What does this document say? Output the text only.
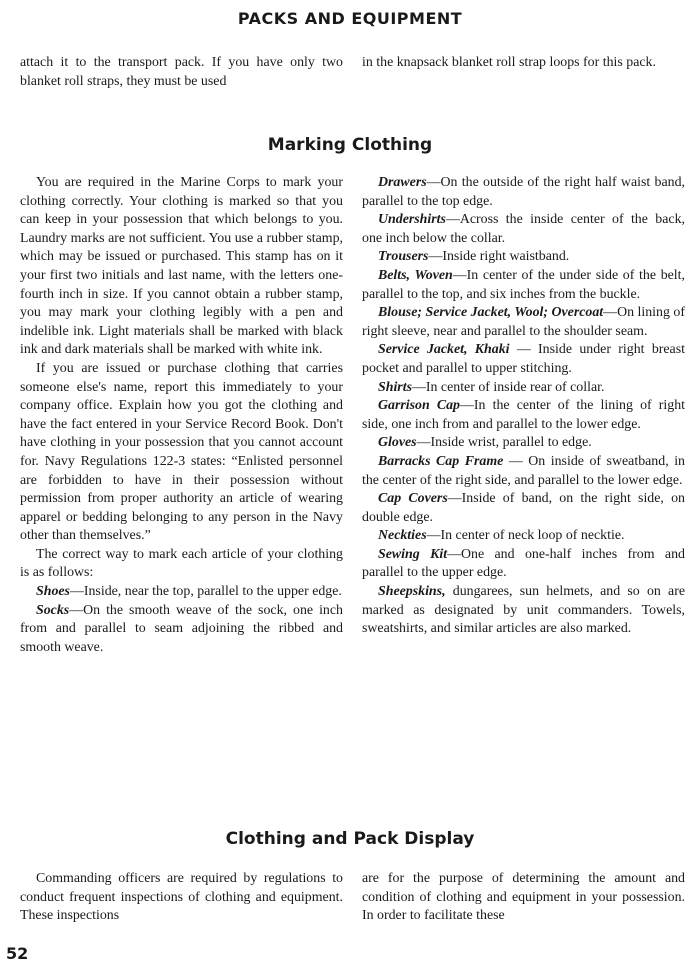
PACKS AND EQUIPMENT

attach it to the transport pack. If you have only two blanket roll straps, they must be used

in the knapsack blanket roll strap loops for this pack.

Marking Clothing

You are required in the Marine Corps to mark your clothing correctly. Your clothing is marked so that you can keep in your possession that which belongs to you. Laundry marks are not sufficient. You use a rubber stamp, which may be issued or purchased. This stamp has on it your first two initials and last name, with the letters one-fourth inch in size. If you cannot obtain a rubber stamp, you may mark your clothing legibly with a pen and indelible ink. Light materials shall be marked with black ink and dark materials shall be marked with white ink.

If you are issued or purchase clothing that carries someone else's name, report this immediately to your company office. Explain how you got the clothing and have the fact entered in your Service Record Book. Don't have clothing in your possession that you cannot account for. Navy Regulations 122-3 states: “Enlisted personnel are forbidden to have in their possession without permission from proper authority an article of wearing apparel or bedding belonging to any person in the Navy other than themselves.”

The correct way to mark each article of your clothing is as follows:

Shoes—Inside, near the top, parallel to the upper edge.

Socks—On the smooth weave of the sock, one inch from and parallel to seam adjoining the ribbed and smooth weave.

Drawers—On the outside of the right half waist band, parallel to the top edge.

Undershirts—Across the inside center of the back, one inch below the collar.

Trousers—Inside right waistband.

Belts, Woven—In center of the under side of the belt, parallel to the top, and six inches from the buckle.

Blouse; Service Jacket, Wool; Overcoat—On lining of right sleeve, near and parallel to the shoulder seam.

Service Jacket, Khaki — Inside under right breast pocket and parallel to upper stitching.

Shirts—In center of inside rear of collar.

Garrison Cap—In the center of the lining of right side, one inch from and parallel to the lower edge.

Gloves—Inside wrist, parallel to edge.

Barracks Cap Frame — On inside of sweatband, in the center of the right side, and parallel to the lower edge.

Cap Covers—Inside of band, on the right side, on double edge.

Neckties—In center of neck loop of necktie.

Sewing Kit—One and one-half inches from and parallel to the upper edge.

Sheepskins, dungarees, sun helmets, and so on are marked as designated by unit commanders. Towels, sweatshirts, and similar articles are also marked.

Clothing and Pack Display

Commanding officers are required by regulations to conduct frequent inspections of clothing and equipment. These inspections

are for the purpose of determining the amount and condition of clothing and equipment in your possession. In order to facilitate these

52
